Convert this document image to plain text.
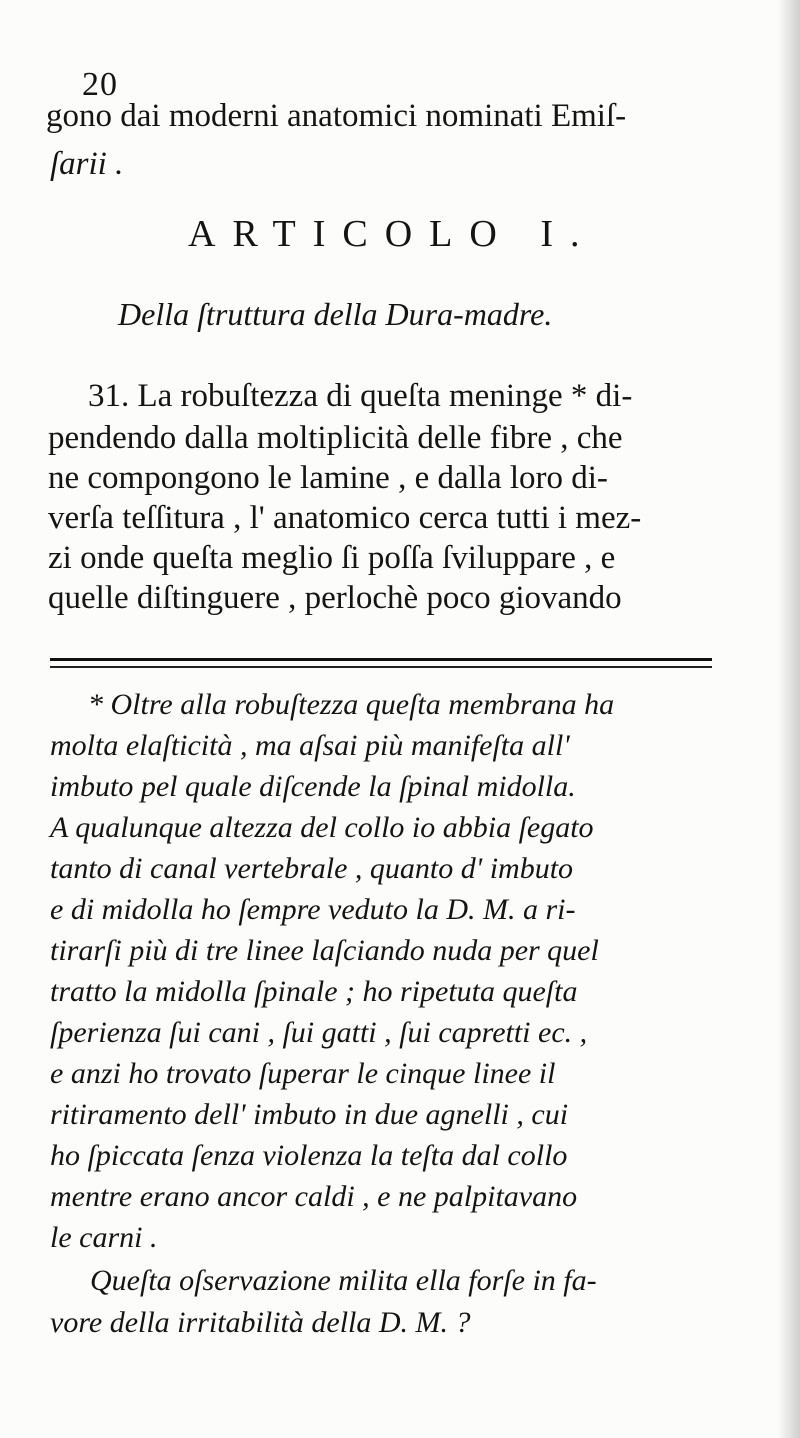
20
gono dai moderni anatomici nominati Emiſ-
ſarii .
ARTICOLO I.
Della ſtruttura della Dura-madre.
31. La robuſtezza di queſta meninge * di-
pendendo dalla moltiplicità delle fibre , che
ne compongono le lamine , e dalla loro di-
verſa teſſitura , l' anatomico cerca tutti i mez-
zi onde queſta meglio ſi poſſa ſviluppare , e
quelle diſtinguere , perlochè poco giovando
* Oltre alla robuſtezza queſta membrana ha
molta elaſticità , ma aſsai più manifeſta all'
imbuto pel quale diſcende la ſpinal midolla.
A qualunque altezza del collo io abbia ſegato
tanto di canal vertebrale , quanto d' imbuto
e di midolla ho ſempre veduto la D. M. a ri-
tirarſi più di tre linee laſciando nuda per quel
tratto la midolla ſpinale ; ho ripetuta queſta
ſperienza ſui cani , ſui gatti , ſui capretti ec. ,
e anzi ho trovato ſuperar le cinque linee il
ritiramento dell' imbuto in due agnelli , cui
ho ſpiccata ſenza violenza la teſta dal collo
mentre erano ancor caldi , e ne palpitavano
le carni .
Queſta oſservazione milita ella forſe in fa-
vore della irritabilità della D. M. ?
